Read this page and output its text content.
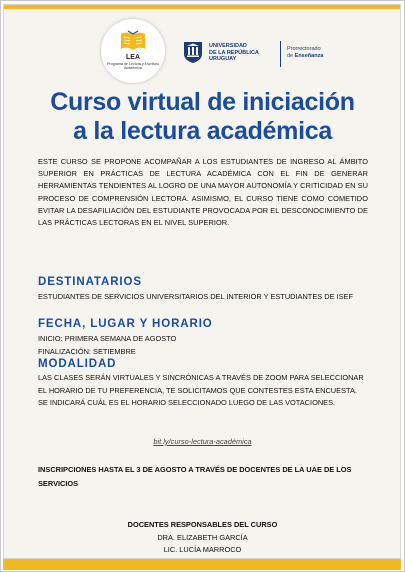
LEA
Programa de Lectura y Escritura Académica
UNIVERSIDAD
DE LA REPÚBLICA
URUGUAY
Prorrectorado
de Enseñanza
Curso virtual de iniciación
a la lectura académica
ESTE CURSO SE PROPONE ACOMPAÑAR A LOS ESTUDIANTES DE INGRESO AL ÁMBITO SUPERIOR EN PRÁCTICAS DE LECTURA ACADÉMICA CON EL FIN DE GENERAR HERRAMIENTAS TENDIENTES AL LOGRO DE UNA MAYOR AUTONOMÍA Y CRITICIDAD EN SU PROCESO DE COMPRENSIÓN LECTORA. ASIMISMO, EL CURSO TIENE COMO COMETIDO EVITAR LA DESAFILIACIÓN DEL ESTUDIANTE PROVOCADA POR EL DESCONOCIMIENTO DE LAS PRÁCTICAS LECTORAS EN EL NIVEL SUPERIOR.
DESTINATARIOS
ESTUDIANTES DE SERVICIOS UNIVERSITARIOS DEL INTERIOR Y ESTUDIANTES DE ISEF
FECHA, LUGAR Y HORARIO
INICIO: PRIMERA SEMANA DE AGOSTO
FINALIZACIÓN: SETIEMBRE
MODALIDAD
LAS CLASES SERÁN VIRTUALES Y SINCRÓNICAS A TRAVÉS DE ZOOM PARA SELECCIONAR EL HORARIO DE TU PREFERENCIA, TE SOLICITAMOS QUE CONTESTES ESTA ENCUESTA. SE INDICARÁ CUÁL ES EL HORARIO SELECCIONADO LUEGO DE LAS VOTACIONES.
bit.ly/curso-lectura-académica
INSCRIPCIONES HASTA EL 3 DE AGOSTO A TRAVÉS DE DOCENTES DE LA UAE DE LOS SERVICIOS
DOCENTES RESPONSABLES DEL CURSO
DRA. ELIZABETH GARCÍA
LIC. LUCÍA MARROCO
